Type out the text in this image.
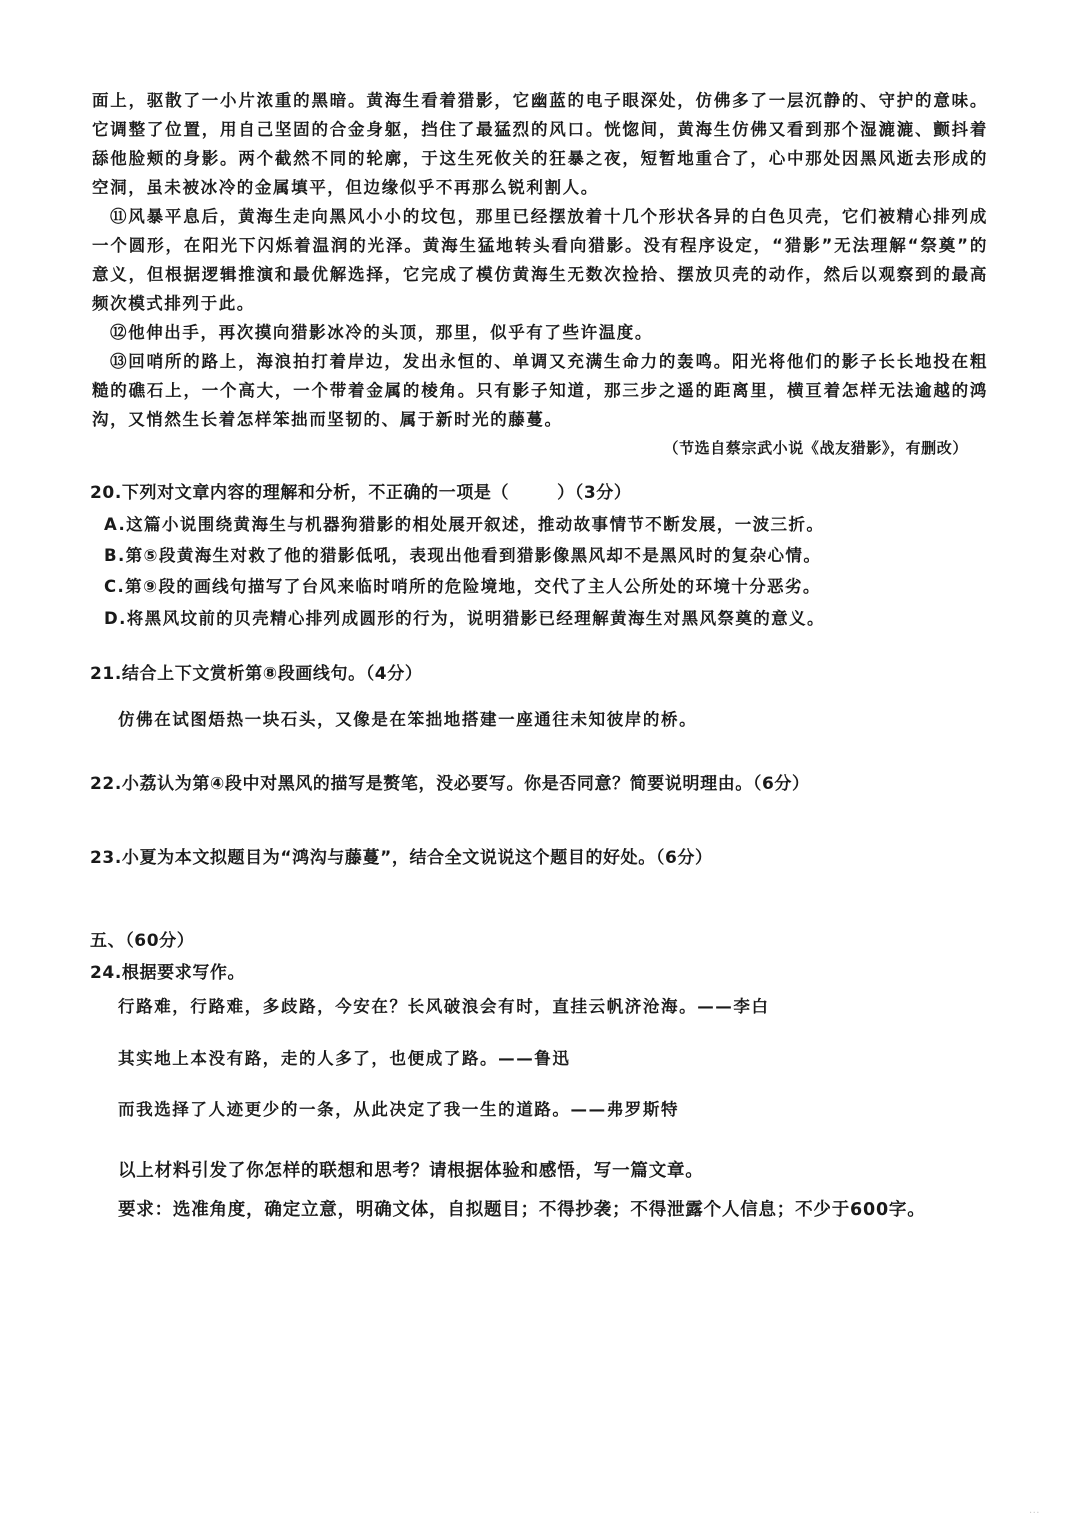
面上，驱散了一小片浓重的黑暗。黄海生看着猎影，它幽蓝的电子眼深处，仿佛多了一层沉静的、守护的意味。它调整了位置，用自己坚固的合金身躯，挡住了最猛烈的风口。恍惚间，黄海生仿佛又看到那个湿漉漉、颤抖着舔他脸颊的身影。两个截然不同的轮廓，于这生死攸关的狂暴之夜，短暂地重合了，心中那处因黑风逝去形成的空洞，虽未被冰冷的金属填平，但边缘似乎不再那么锐利割人。

⑪风暴平息后，黄海生走向黑风小小的坟包，那里已经摆放着十几个形状各异的白色贝壳，它们被精心排列成一个圆形，在阳光下闪烁着温润的光泽。黄海生猛地转头看向猎影。没有程序设定，“猎影”无法理解“祭奠”的意义，但根据逻辑推演和最优解选择，它完成了模仿黄海生无数次捡拾、摆放贝壳的动作，然后以观察到的最高频次模式排列于此。

⑫他伸出手，再次摸向猎影冰冷的头顶，那里，似乎有了些许温度。

⑬回哨所的路上，海浪拍打着岸边，发出永恒的、单调又充满生命力的轰鸣。阳光将他们的影子长长地投在粗糙的礁石上，一个高大，一个带着金属的棱角。只有影子知道，那三步之遥的距离里，横亘着怎样无法逾越的鸿沟，又悄然生长着怎样笨拙而坚韧的、属于新时光的藤蔓。

（节选自蔡宗武小说《战友猎影》，有删改）
20.下列对文章内容的理解和分析，不正确的一项是（	）（3分）
A.这篇小说围绕黄海生与机器狗猎影的相处展开叙述，推动故事情节不断发展，一波三折。
B.第⑤段黄海生对救了他的猎影低吼，表现出他看到猎影像黑风却不是黑风时的复杂心情。
C.第⑨段的画线句描写了台风来临时哨所的危险境地，交代了主人公所处的环境十分恶劣。
D.将黑风坟前的贝壳精心排列成圆形的行为，说明猎影已经理解黄海生对黑风祭奠的意义。
21.结合上下文赏析第⑧段画线句。（4分）
仿佛在试图焐热一块石头，又像是在笨拙地搭建一座通往未知彼岸的桥。
22.小荔认为第④段中对黑风的描写是赘笔，没必要写。你是否同意？简要说明理由。（6分）
23.小夏为本文拟题目为“鸿沟与藤蔓”，结合全文说说这个题目的好处。（6分）
五、（60分）
24.根据要求写作。
行路难，行路难，多歧路，今安在？长风破浪会有时，直挂云帆济沧海。——李白
其实地上本没有路，走的人多了，也便成了路。——鲁迅
而我选择了人迹更少的一条，从此决定了我一生的道路。——弗罗斯特
以上材料引发了你怎样的联想和思考？请根据体验和感悟，写一篇文章。
要求：选准角度，确定立意，明确文体，自拟题目；不得抄袭；不得泄露个人信息；不少于600字。
···
